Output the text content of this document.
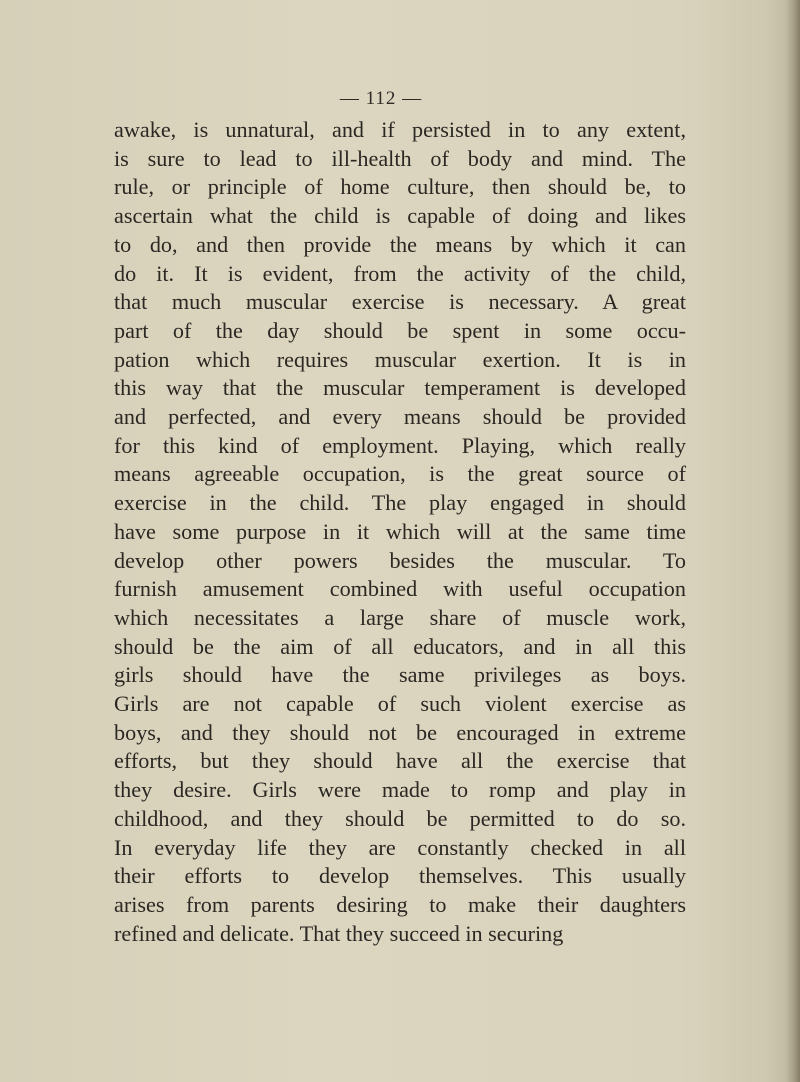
— 112 —
awake, is unnatural, and if persisted in to any extent,
is sure to lead to ill-health of body and mind. The
rule, or principle of home culture, then should be, to
ascertain what the child is capable of doing and likes
to do, and then provide the means by which it can
do it. It is evident, from the activity of the child,
that much muscular exercise is necessary. A great
part of the day should be spent in some occu-
pation which requires muscular exertion. It is in
this way that the muscular temperament is developed
and perfected, and every means should be provided
for this kind of employment. Playing, which really
means agreeable occupation, is the great source of
exercise in the child. The play engaged in should
have some purpose in it which will at the same time
develop other powers besides the muscular. To
furnish amusement combined with useful occupation
which necessitates a large share of muscle work,
should be the aim of all educators, and in all this
girls should have the same privileges as boys.
Girls are not capable of such violent exercise as
boys, and they should not be encouraged in extreme
efforts, but they should have all the exercise that
they desire. Girls were made to romp and play in
childhood, and they should be permitted to do so.
In everyday life they are constantly checked in all
their efforts to develop themselves. This usually
arises from parents desiring to make their daughters
refined and delicate. That they succeed in securing
